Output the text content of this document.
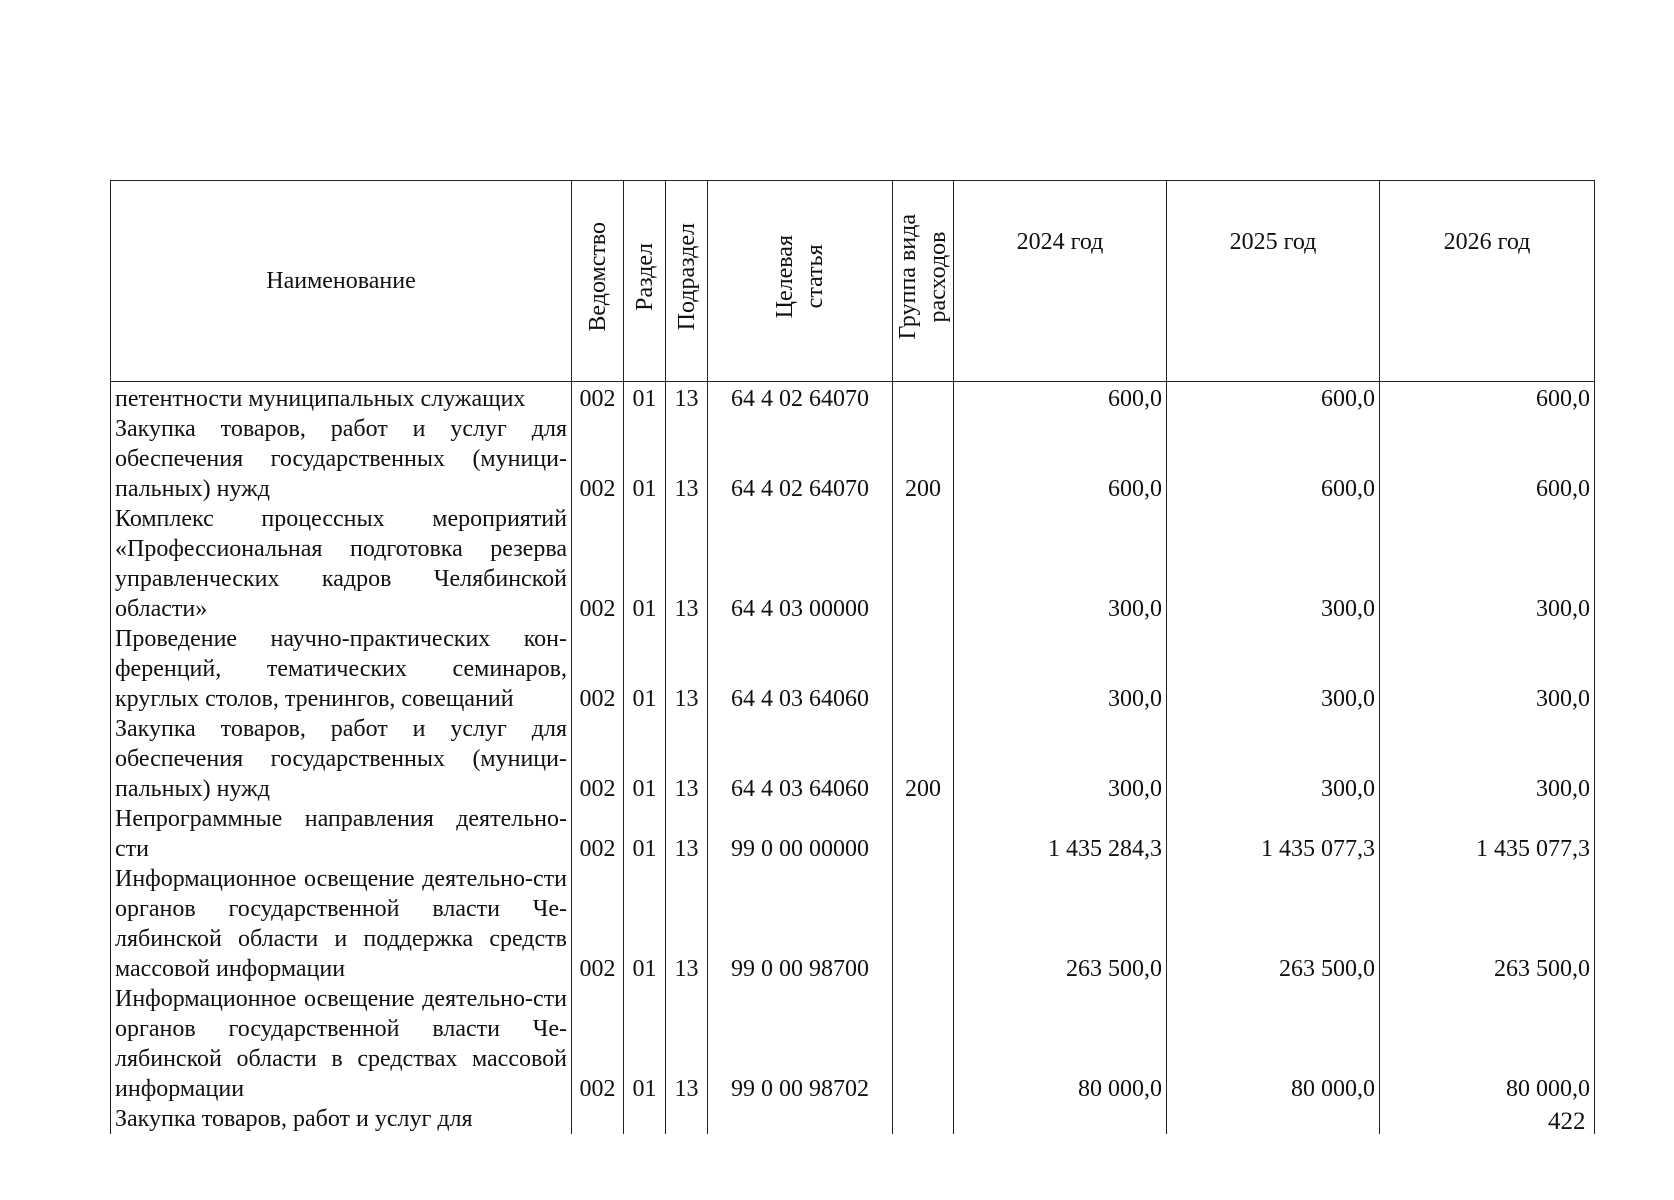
Наименование	Ведомство	Раздел	Подраздел	Целевая статья	Группа вида расходов	2024 год	2025 год	2026 год
петентности муниципальных служащих	002	01	13	64 4 02 64070		600,0	600,0	600,0
Закупка товаров, работ и услуг для обеспечения государственных (муници-пальных) нужд	002	01	13	64 4 02 64070	200	600,0	600,0	600,0
Комплекс процессных мероприятий «Профессиональная подготовка резерва управленческих кадров Челябинской области»	002	01	13	64 4 03 00000		300,0	300,0	300,0
Проведение научно-практических кон-ференций, тематических семинаров, круглых столов, тренингов, совещаний	002	01	13	64 4 03 64060		300,0	300,0	300,0
Закупка товаров, работ и услуг для обеспечения государственных (муници-пальных) нужд	002	01	13	64 4 03 64060	200	300,0	300,0	300,0
Непрограммные направления деятельно-сти	002	01	13	99 0 00 00000		1 435 284,3	1 435 077,3	1 435 077,3
Информационное освещение деятельно-сти органов государственной власти Че-лябинской области и поддержка средств массовой информации	002	01	13	99 0 00 98700		263 500,0	263 500,0	263 500,0
Информационное освещение деятельно-сти органов государственной власти Че-лябинской области в средствах массовой информации	002	01	13	99 0 00 98702		80 000,0	80 000,0	80 000,0
Закупка товаров, работ и услуг для									422
